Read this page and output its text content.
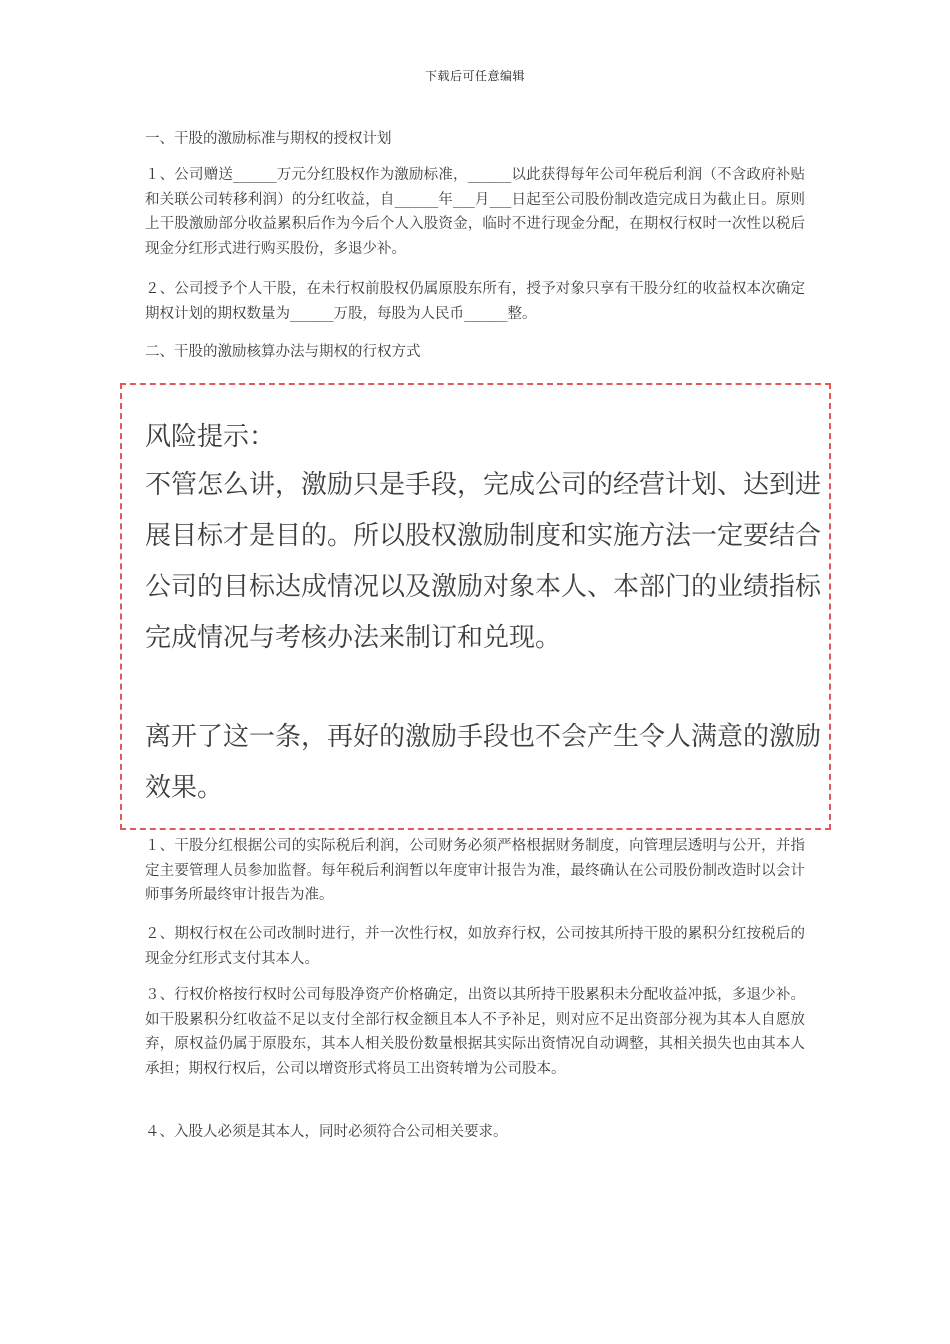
下载后可任意编辑
一、干股的激励标准与期权的授权计划

１、公司赠送______万元分红股权作为激励标准，______以此获得每年公司年税后利润（不含政府补贴和关联公司转移利润）的分红收益，自______年___月___日起至公司股份制改造完成日为截止日。原则上干股激励部分收益累积后作为今后个人入股资金，临时不进行现金分配，在期权行权时一次性以税后现金分红形式进行购买股份，多退少补。

２、公司授予个人干股，在未行权前股权仍属原股东所有，授予对象只享有干股分红的收益权本次确定期权计划的期权数量为______万股，每股为人民币______整。

二、干股的激励核算办法与期权的行权方式
风险提示：

不管怎么讲，激励只是手段，完成公司的经营计划、达到进展目标才是目的。所以股权激励制度和实施方法一定要结合公司的目标达成情况以及激励对象本人、本部门的业绩指标完成情况与考核办法来制订和兑现。

离开了这一条，再好的激励手段也不会产生令人满意的激励效果。

１、干股分红根据公司的实际税后利润，公司财务必须严格根据财务制度，向管理层透明与公开，并指定主要管理人员参加监督。每年税后利润暂以年度审计报告为准，最终确认在公司股份制改造时以会计师事务所最终审计报告为准。

２、期权行权在公司改制时进行，并一次性行权，如放弃行权，公司按其所持干股的累积分红按税后的现金分红形式支付其本人。

３、行权价格按行权时公司每股净资产价格确定，出资以其所持干股累积未分配收益冲抵，多退少补。如干股累积分红收益不足以支付全部行权金额且本人不予补足，则对应不足出资部分视为其本人自愿放弃，原权益仍属于原股东，其本人相关股份数量根据其实际出资情况自动调整，其相关损失也由其本人承担；期权行权后，公司以增资形式将员工出资转增为公司股本。

４、入股人必须是其本人，同时必须符合公司相关要求。
